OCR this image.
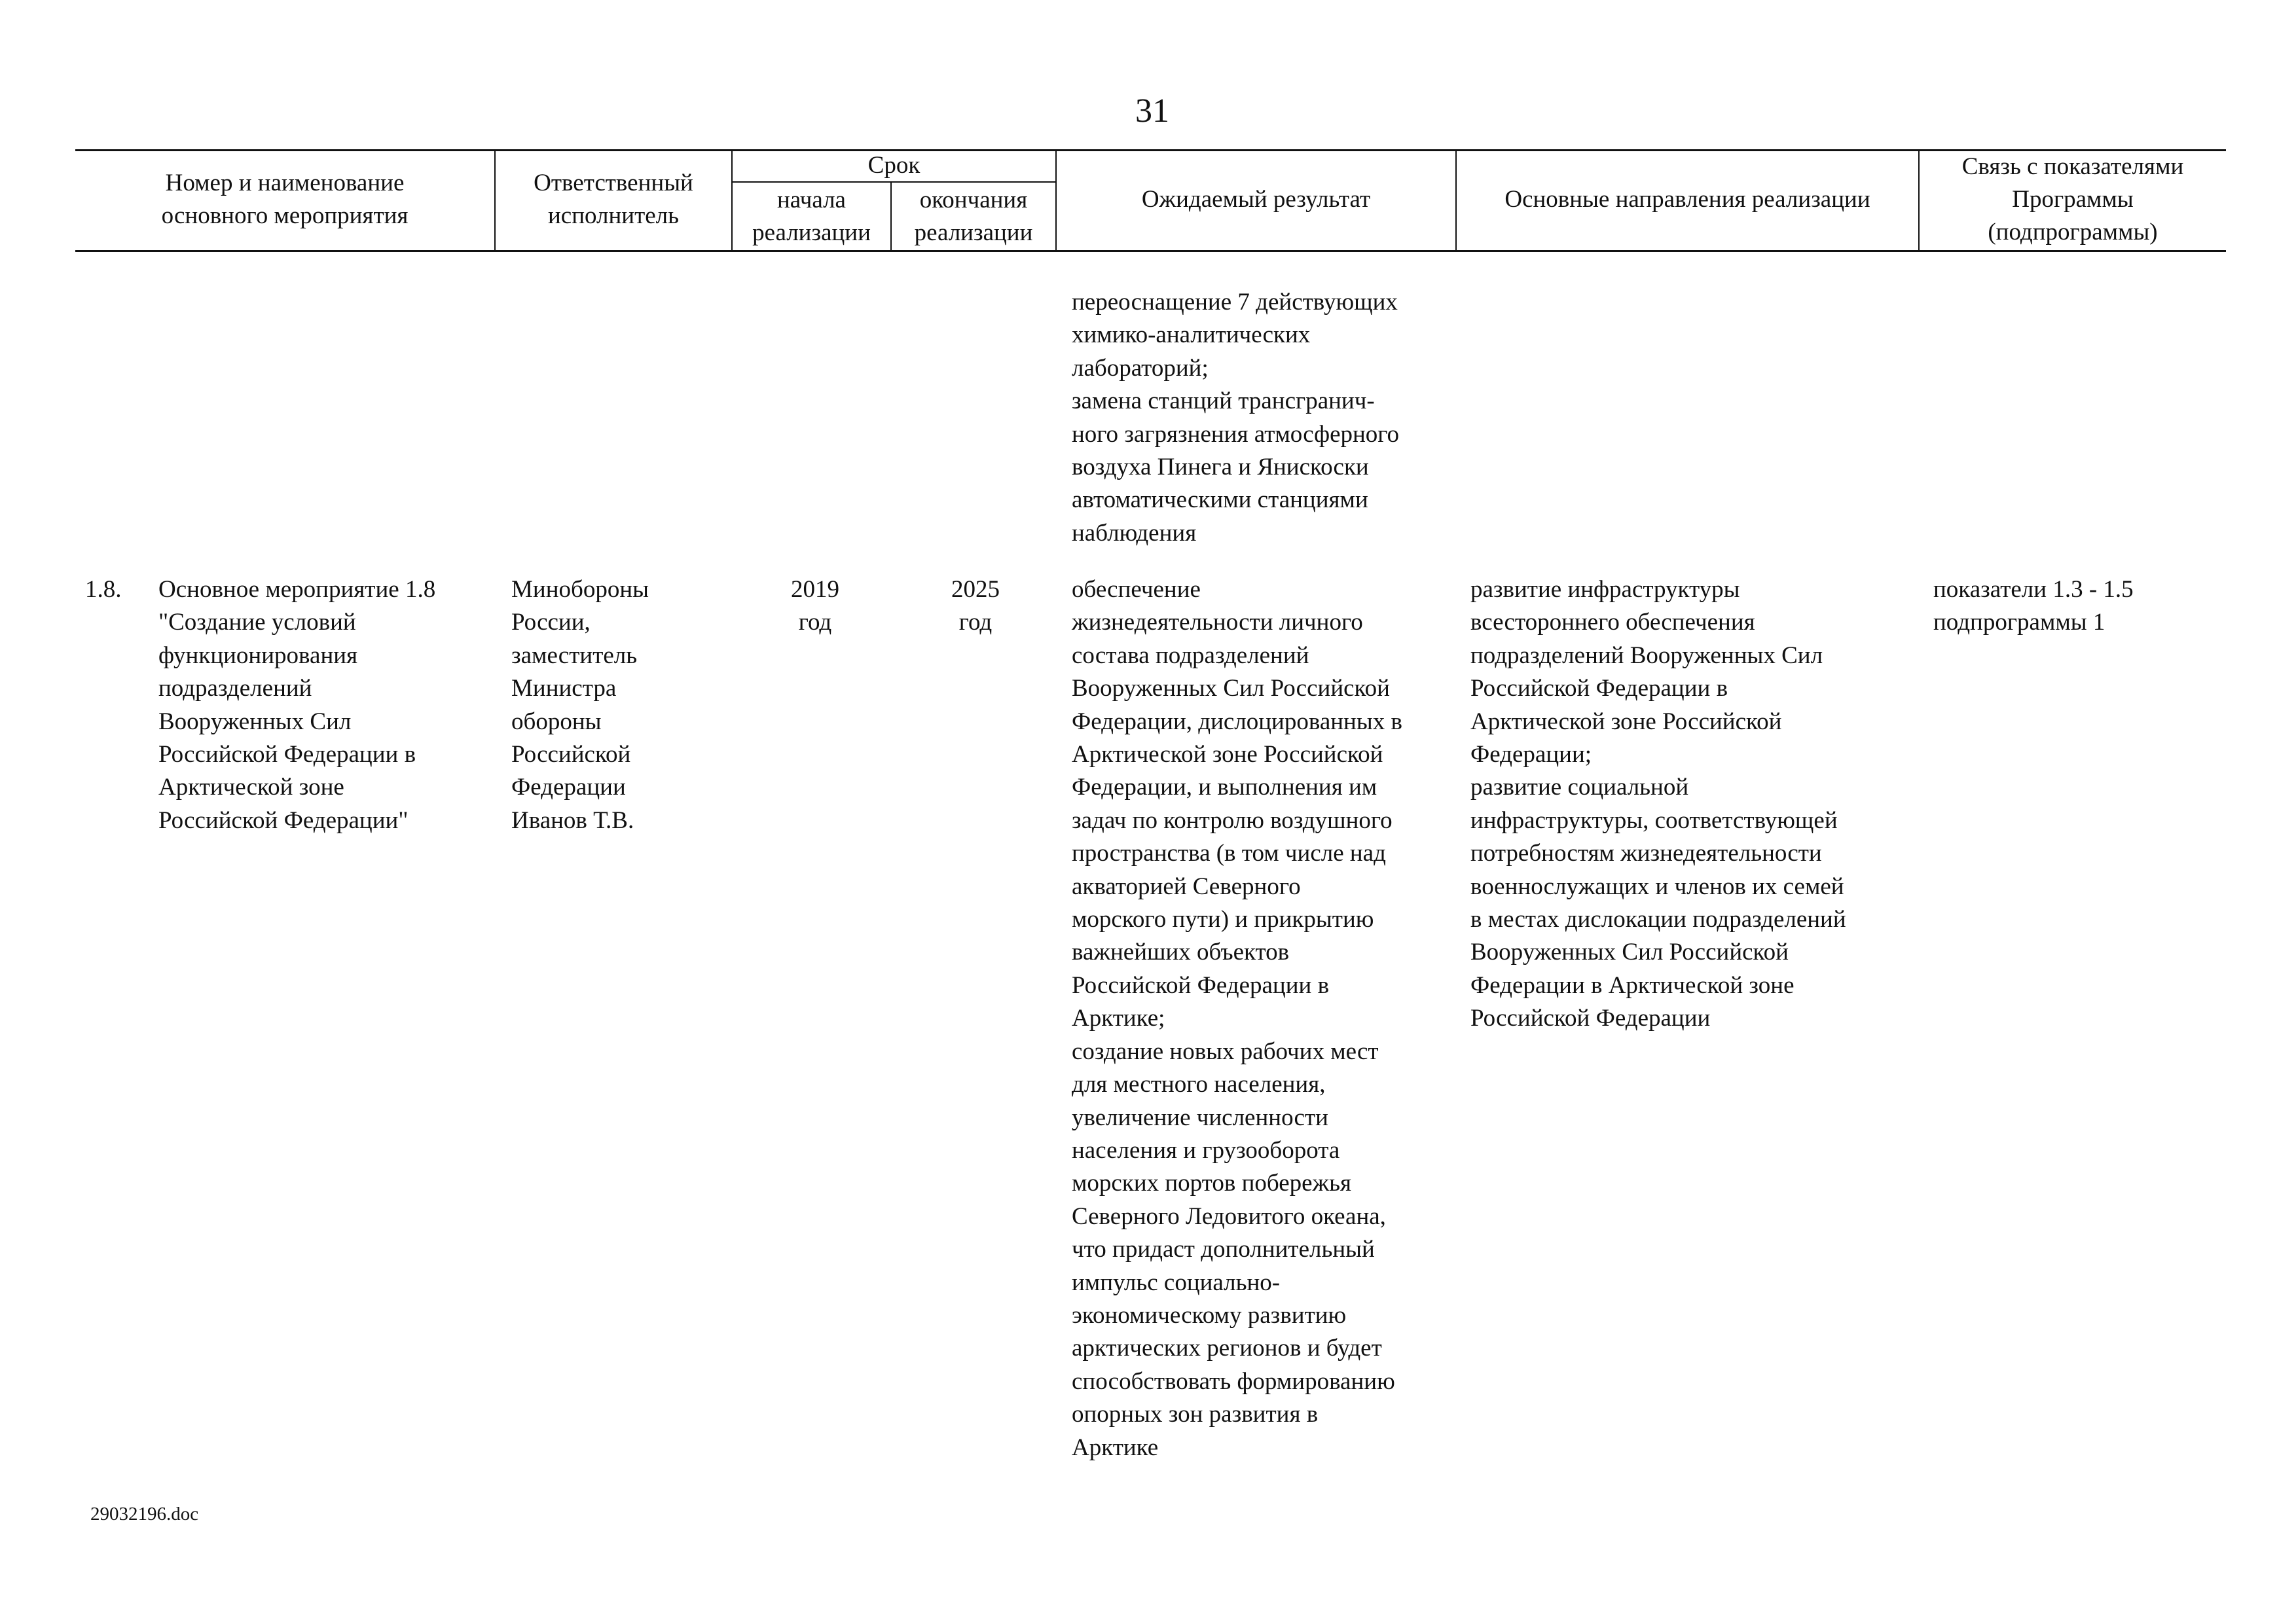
31
Номер и наименование
основного мероприятия
Ответственный
исполнитель
Срок
начала
реализации
окончания
реализации
Ожидаемый результат	Основные направления реализации
Связь с показателями
Программы
(подпрограммы)
переоснащение 7 действующих
химико-аналитических
лабораторий;
замена станций трансгранич-
ного загрязнения атмосферного
воздуха Пинега и Янискоски
автоматическими станциями
наблюдения
1.8.	Основное мероприятие 1.8
"Создание условий
функционирования
подразделений
Вооруженных Сил
Российской Федерации в
Арктической зоне
Российской Федерации"
Минобороны
России,
заместитель
Министра
обороны
Российской
Федерации
Иванов Т.В.
2019
год
2025
год
обеспечение
жизнедеятельности личного
состава подразделений
Вооруженных Сил Российской
Федерации, дислоцированных в
Арктической зоне Российской
Федерации, и выполнения им
задач по контролю воздушного
пространства (в том числе над
акваторией Северного
морского пути) и прикрытию
важнейших объектов
Российской Федерации в
Арктике;
создание новых рабочих мест
для местного населения,
увеличение численности
населения и грузооборота
морских портов побережья
Северного Ледовитого океана,
что придаст дополнительный
импульс социально-
экономическому развитию
арктических регионов и будет
способствовать формированию
опорных зон развития в
Арктике
развитие инфраструктуры
всестороннего обеспечения
подразделений Вооруженных Сил
Российской Федерации в
Арктической зоне Российской
Федерации;
развитие социальной
инфраструктуры, соответствующей
потребностям жизнедеятельности
военнослужащих и членов их семей
в местах дислокации подразделений
Вооруженных Сил Российской
Федерации в Арктической зоне
Российской Федерации
показатели 1.3 - 1.5
подпрограммы 1
29032196.doc
